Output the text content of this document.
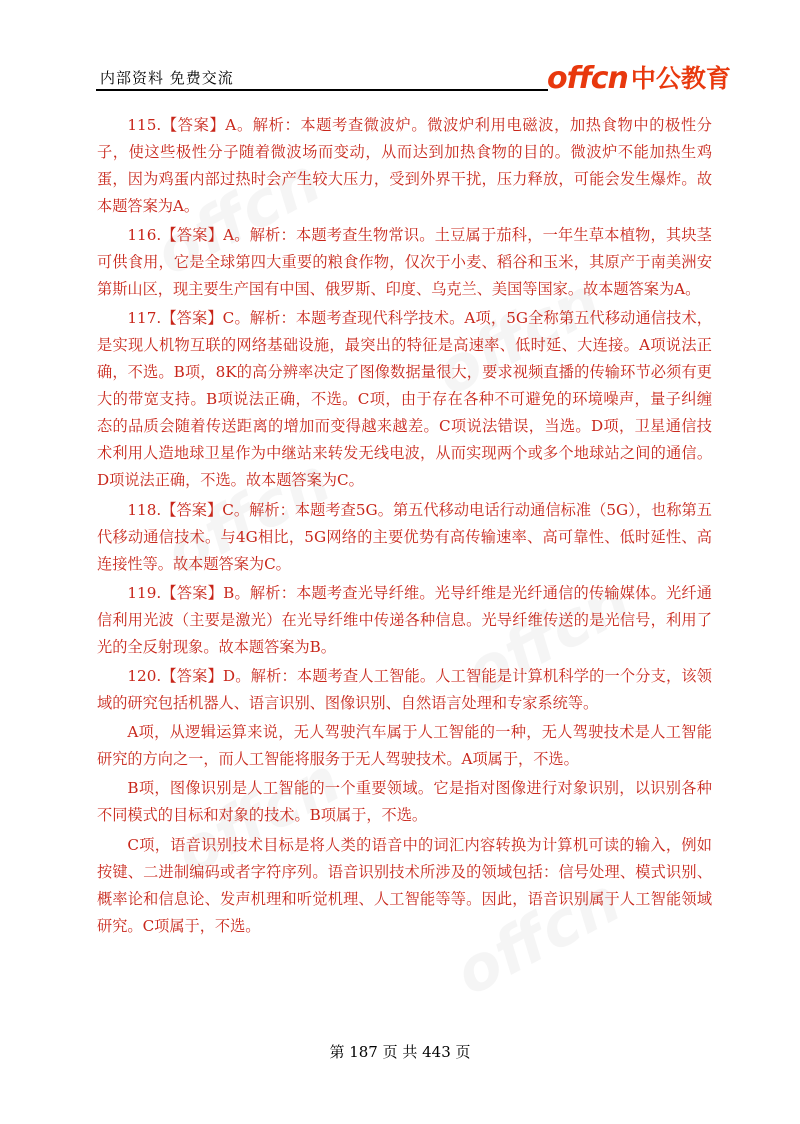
内部资料 免费交流	offcn 中公教育

115.【答案】A。解析：本题考查微波炉。微波炉利用电磁波，加热食物中的极性分子，使这些极性分子随着微波场而变动，从而达到加热食物的目的。微波炉不能加热生鸡蛋，因为鸡蛋内部过热时会产生较大压力，受到外界干扰，压力释放，可能会发生爆炸。故本题答案为A。

116.【答案】A。解析：本题考查生物常识。土豆属于茄科，一年生草本植物，其块茎可供食用，它是全球第四大重要的粮食作物，仅次于小麦、稻谷和玉米，其原产于南美洲安第斯山区，现主要生产国有中国、俄罗斯、印度、乌克兰、美国等国家。故本题答案为A。

117.【答案】C。解析：本题考查现代科学技术。A项，5G全称第五代移动通信技术，是实现人机物互联的网络基础设施，最突出的特征是高速率、低时延、大连接。A项说法正确，不选。B项，8K的高分辨率决定了图像数据量很大，要求视频直播的传输环节必须有更大的带宽支持。B项说法正确，不选。C项，由于存在各种不可避免的环境噪声，量子纠缠态的品质会随着传送距离的增加而变得越来越差。C项说法错误，当选。D项，卫星通信技术利用人造地球卫星作为中继站来转发无线电波，从而实现两个或多个地球站之间的通信。D项说法正确，不选。故本题答案为C。

118.【答案】C。解析：本题考查5G。第五代移动电话行动通信标准（5G），也称第五代移动通信技术。与4G相比，5G网络的主要优势有高传输速率、高可靠性、低时延性、高连接性等。故本题答案为C。

119.【答案】B。解析：本题考查光导纤维。光导纤维是光纤通信的传输媒体。光纤通信利用光波（主要是激光）在光导纤维中传递各种信息。光导纤维传送的是光信号，利用了光的全反射现象。故本题答案为B。

120.【答案】D。解析：本题考查人工智能。人工智能是计算机科学的一个分支，该领域的研究包括机器人、语言识别、图像识别、自然语言处理和专家系统等。

A项，从逻辑运算来说，无人驾驶汽车属于人工智能的一种，无人驾驶技术是人工智能研究的方向之一，而人工智能将服务于无人驾驶技术。A项属于，不选。

B项，图像识别是人工智能的一个重要领域。它是指对图像进行对象识别，以识别各种不同模式的目标和对象的技术。B项属于，不选。

C项，语音识别技术目标是将人类的语音中的词汇内容转换为计算机可读的输入，例如按键、二进制编码或者字符序列。语音识别技术所涉及的领域包括：信号处理、模式识别、概率论和信息论、发声机理和听觉机理、人工智能等等。因此，语音识别属于人工智能领域研究。C项属于，不选。

第 187 页 共 443 页
